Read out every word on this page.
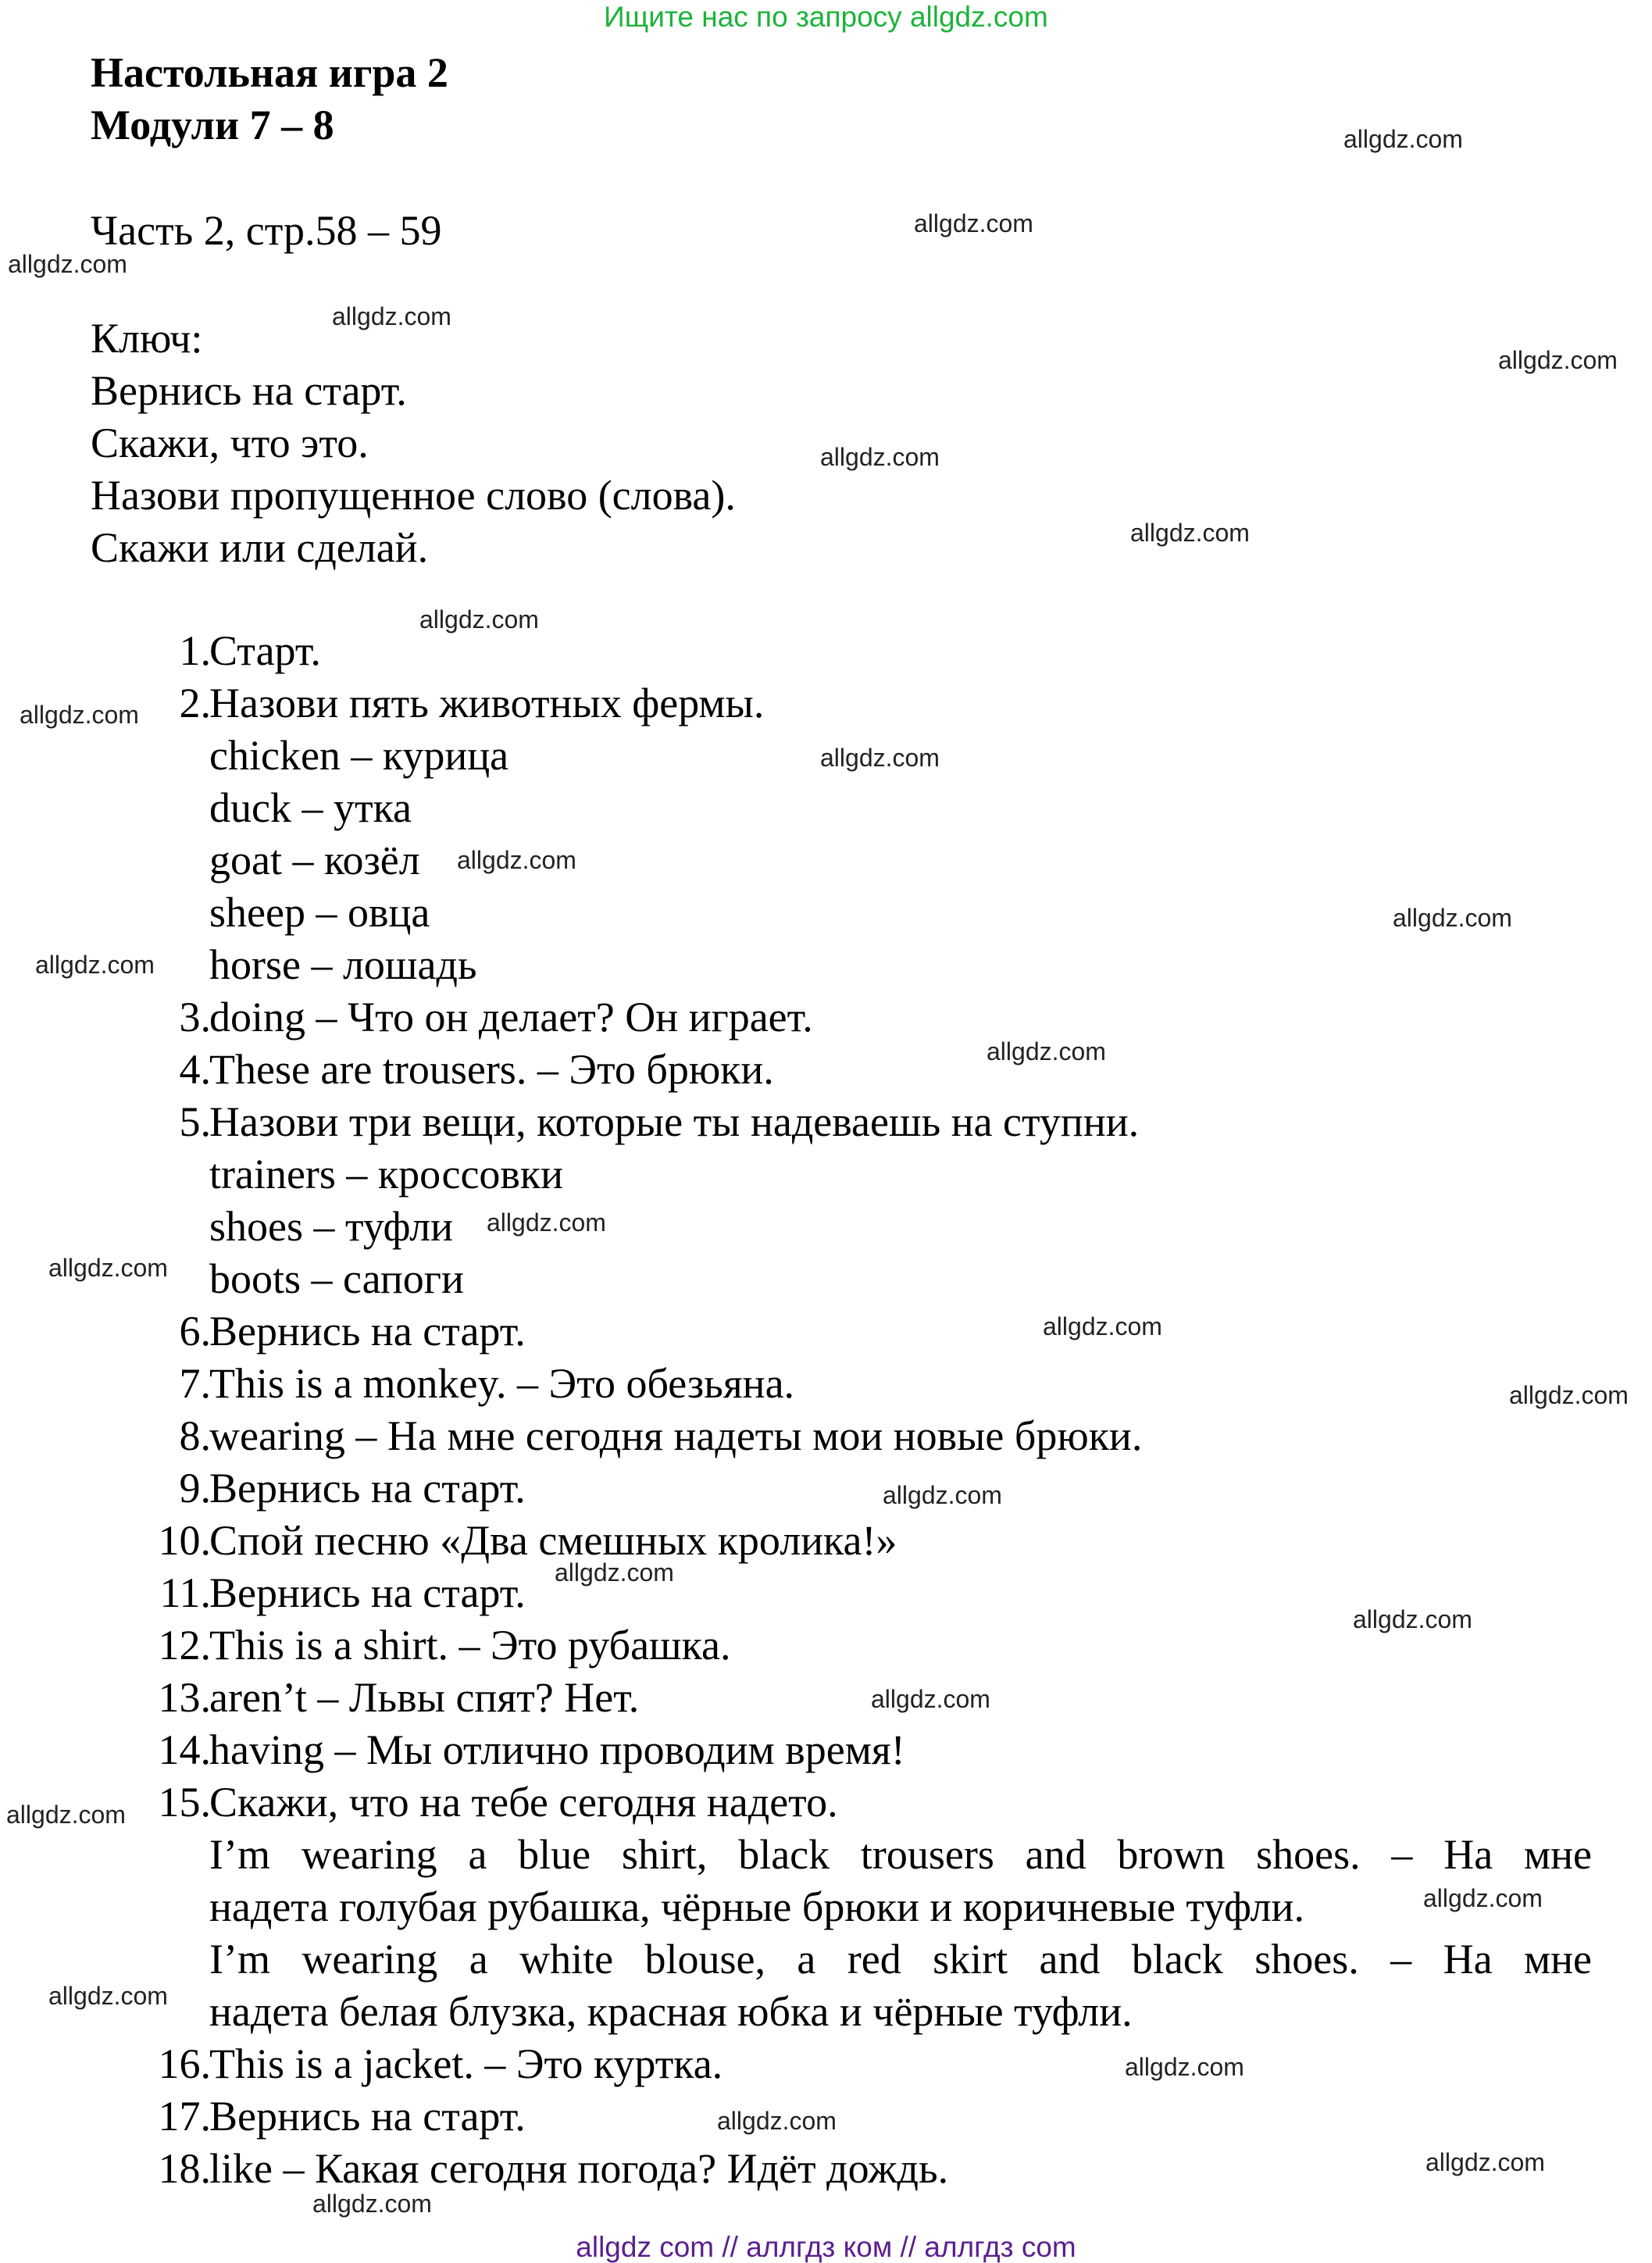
Ищите нас по запросу allgdz.com
Настольная игра 2
Модули 7 – 8
Часть 2, стр.58 – 59
Ключ:
Вернись на старт.
Скажи, что это.
Назови пропущенное слово (слова).
Скажи или сделай.
1.
Старт.
2.
Назови пять животных фермы.
chicken – курица
duck – утка
goat – козёл
sheep – овца
horse – лошадь
3.
doing – Что он делает? Он играет.
4.
These are trousers. – Это брюки.
5.
Назови три вещи, которые ты надеваешь на ступни.
trainers – кроссовки
shoes – туфли
boots – сапоги
6.
Вернись на старт.
7.
This is a monkey. – Это обезьяна.
8.
wearing – На мне сегодня надеты мои новые брюки.
9.
Вернись на старт.
10.
Спой песню «Два смешных кролика!»
11.
Вернись на старт.
12.
This is a shirt. – Это рубашка.
13.
aren’t – Львы спят? Нет.
14.
having – Мы отлично проводим время!
15.
Скажи, что на тебе сегодня надето.
I’m wearing a blue shirt, black trousers and brown shoes. – На мне
надета голубая рубашка, чёрные брюки и коричневые туфли.
I’m wearing a white blouse, a red skirt and black shoes. – На мне
надета белая блузка, красная юбка и чёрные туфли.
16.
This is a jacket. – Это куртка.
17.
Вернись на старт.
18.
like – Какая сегодня погода? Идёт дождь.
allgdz.com
allgdz.com
allgdz.com
allgdz.com
allgdz.com
allgdz.com
allgdz.com
allgdz.com
allgdz.com
allgdz.com
allgdz.com
allgdz.com
allgdz.com
allgdz.com
allgdz.com
allgdz.com
allgdz.com
allgdz.com
allgdz.com
allgdz.com
allgdz.com
allgdz.com
allgdz.com
allgdz.com
allgdz.com
allgdz.com
allgdz.com
allgdz.com
allgdz.com
allgdz com // аллгдз ком // аллгдз com
